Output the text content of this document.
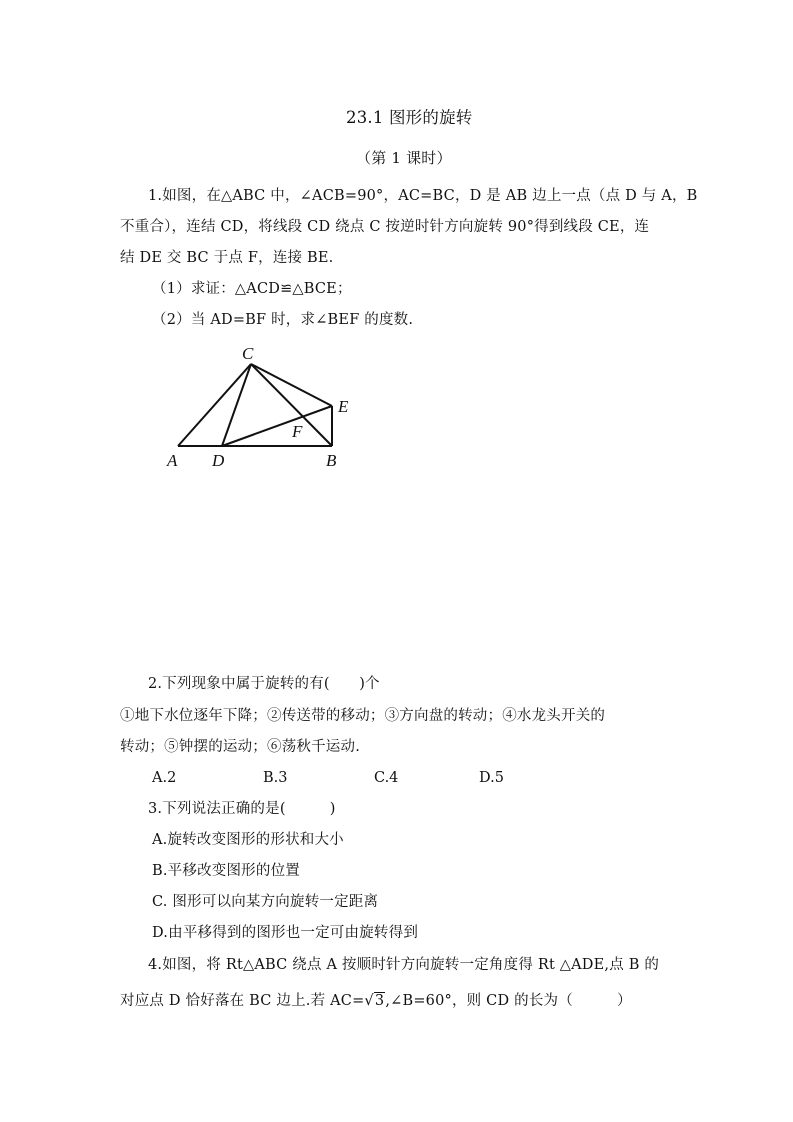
23.1 图形的旋转
（第 1 课时）
1.如图，在△ABC 中，∠ACB=90°，AC=BC，D 是 AB 边上一点（点 D 与 A，B
不重合），连结 CD，将线段 CD 绕点 C 按逆时针方向旋转 90°得到线段 CE，连
结 DE 交 BC 于点 F，连接 BE.
（1）求证：△ACD≌△BCE；
（2）当 AD=BF 时，求∠BEF 的度数.
C
E
F
A D	B
2.下列现象中属于旋转的有(　　)个
①地下水位逐年下降；②传送带的移动；③方向盘的转动；④水龙头开关的
转动；⑤钟摆的运动；⑥荡秋千运动.
A.2	B.3	C.4	D.5
3.下列说法正确的是(　　　)
A.旋转改变图形的形状和大小
B.平移改变图形的位置
C. 图形可以向某方向旋转一定距离
D.由平移得到的图形也一定可由旋转得到
4.如图，将 Rt△ABC 绕点 A 按顺时针方向旋转一定角度得 Rt △ADE,点 B 的
对应点 D 恰好落在 BC 边上.若 AC=√3,∠B=60°，则 CD 的长为（　　　）
